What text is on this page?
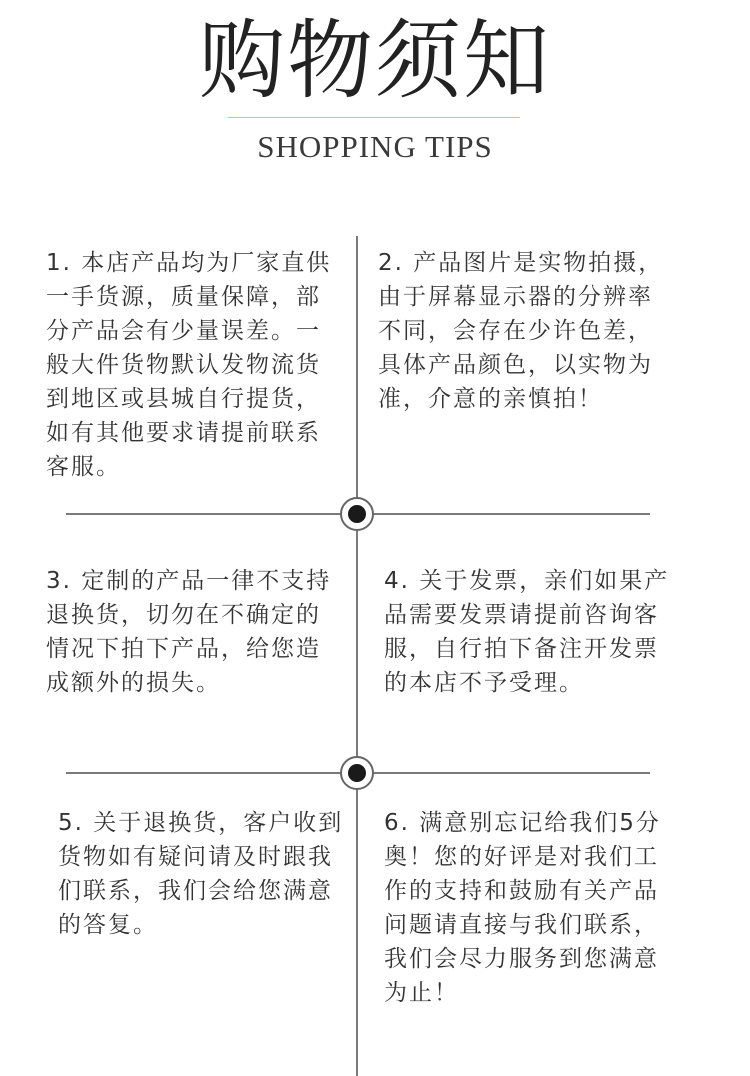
购物须知
SHOPPING TIPS
1. 本店产品均为厂家直供一手货源，质量保障，部分产品会有少量误差。一般大件货物默认发物流货到地区或县城自行提货，如有其他要求请提前联系客服。
2. 产品图片是实物拍摄，由于屏幕显示器的分辨率不同，会存在少许色差，具体产品颜色，以实物为准，介意的亲慎拍！
3. 定制的产品一律不支持退换货，切勿在不确定的情况下拍下产品，给您造成额外的损失。
4. 关于发票，亲们如果产品需要发票请提前咨询客服，自行拍下备注开发票的本店不予受理。
5. 关于退换货，客户收到货物如有疑问请及时跟我们联系，我们会给您满意的答复。
6. 满意别忘记给我们5分奥！您的好评是对我们工作的支持和鼓励有关产品问题请直接与我们联系，我们会尽力服务到您满意为止！
